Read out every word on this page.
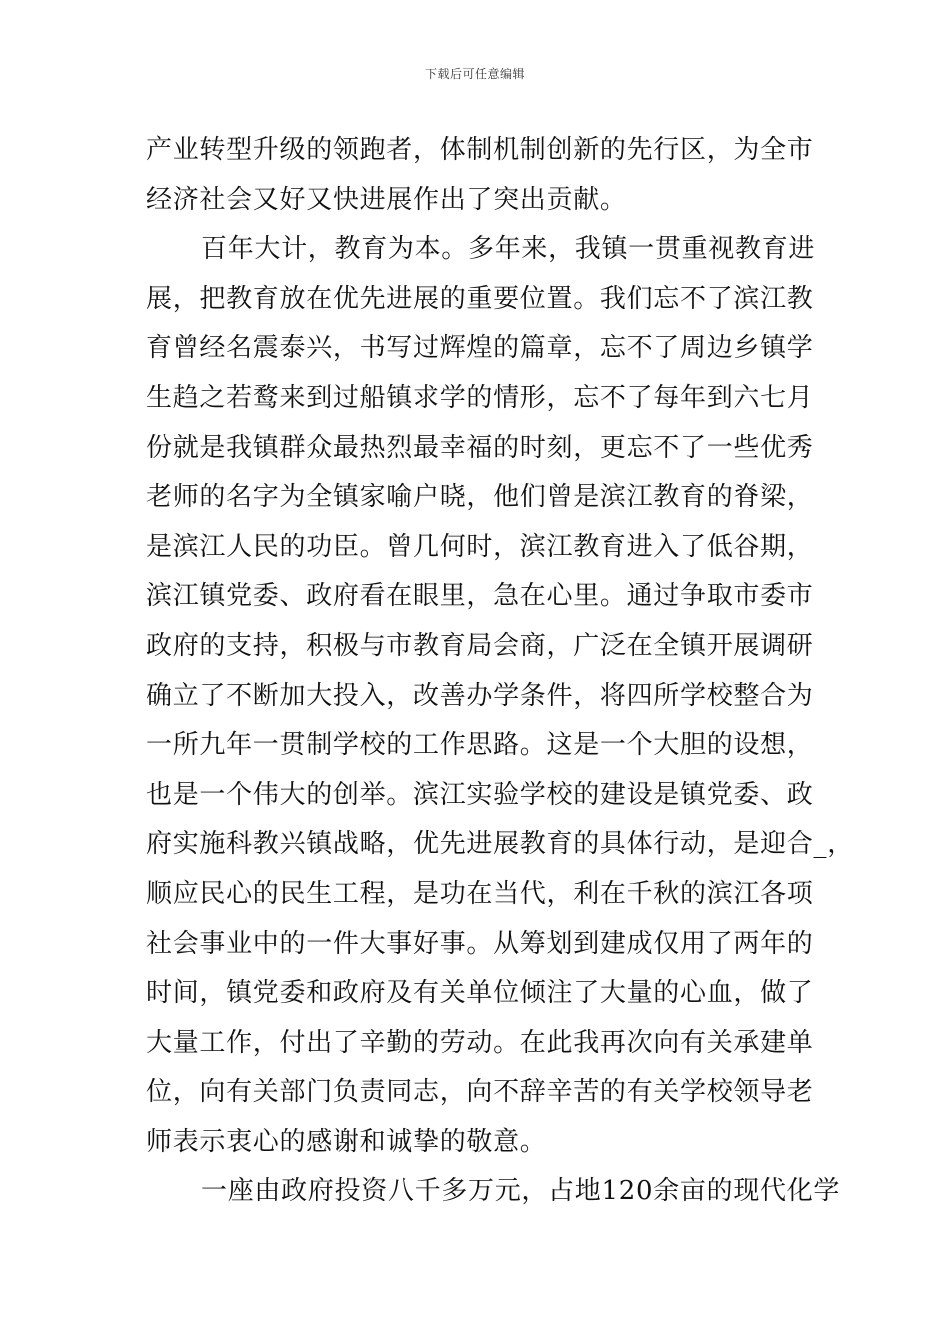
下载后可任意编辑
产业转型升级的领跑者，体制机制创新的先行区，为全市
经济社会又好又快进展作出了突出贡献。
百年大计，教育为本。多年来，我镇一贯重视教育进
展，把教育放在优先进展的重要位置。我们忘不了滨江教
育曾经名震泰兴，书写过辉煌的篇章，忘不了周边乡镇学
生趋之若鹜来到过船镇求学的情形，忘不了每年到六七月
份就是我镇群众最热烈最幸福的时刻，更忘不了一些优秀
老师的名字为全镇家喻户晓，他们曾是滨江教育的脊梁，
是滨江人民的功臣。曾几何时，滨江教育进入了低谷期，
滨江镇党委、政府看在眼里，急在心里。通过争取市委市
政府的支持，积极与市教育局会商，广泛在全镇开展调研
确立了不断加大投入，改善办学条件，将四所学校整合为
一所九年一贯制学校的工作思路。这是一个大胆的设想，
也是一个伟大的创举。滨江实验学校的建设是镇党委、政
府实施科教兴镇战略，优先进展教育的具体行动，是迎合_，
顺应民心的民生工程，是功在当代，利在千秋的滨江各项
社会事业中的一件大事好事。从筹划到建成仅用了两年的
时间，镇党委和政府及有关单位倾注了大量的心血，做了
大量工作，付出了辛勤的劳动。在此我再次向有关承建单
位，向有关部门负责同志，向不辞辛苦的有关学校领导老
师表示衷心的感谢和诚挚的敬意。
一座由政府投资八千多万元，占地120余亩的现代化学
